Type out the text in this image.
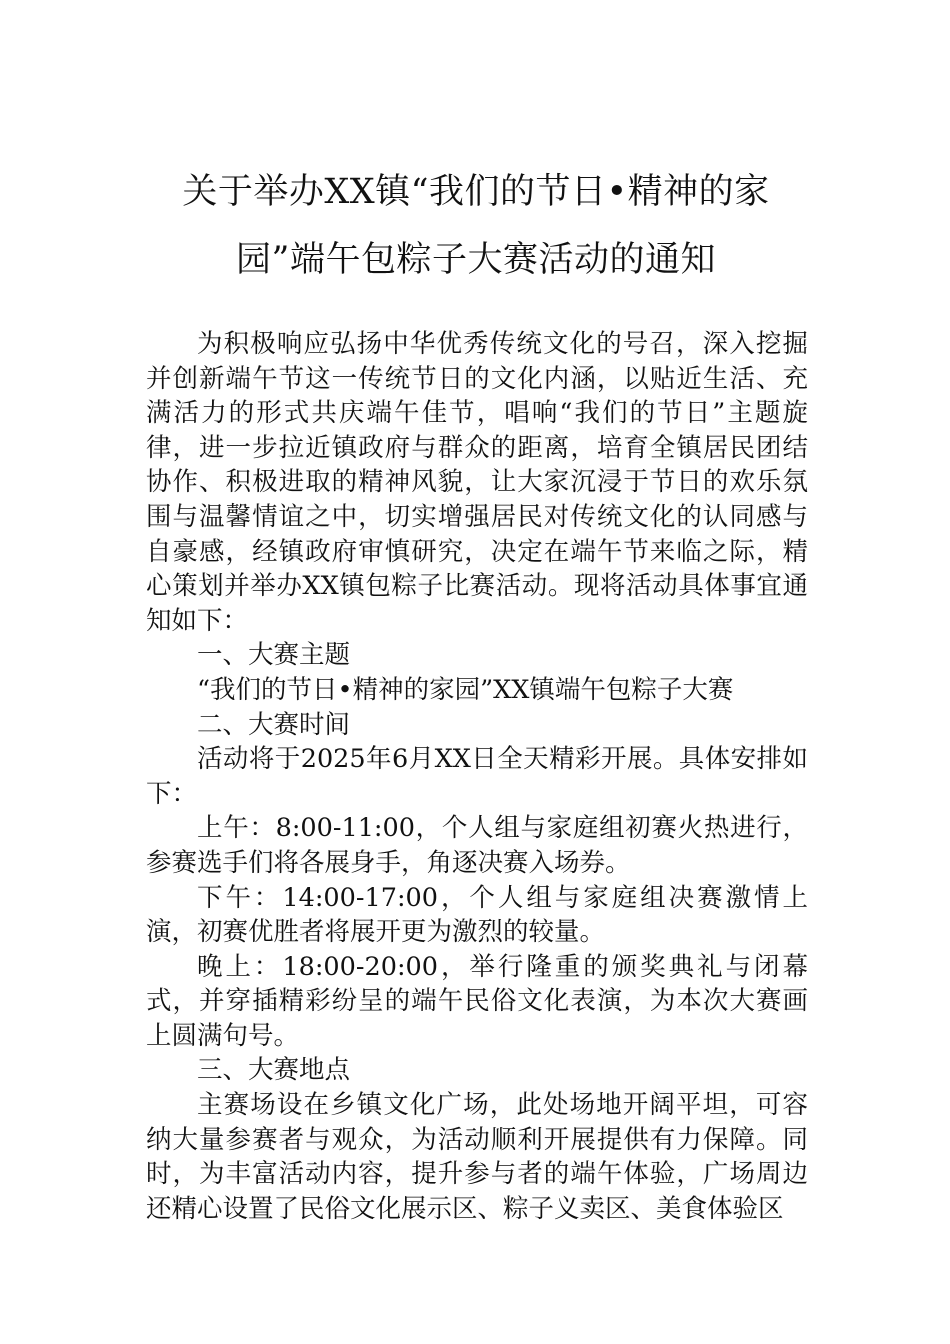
关于举办XX镇“我们的节日•精神的家园”端午包粽子大赛活动的通知

为积极响应弘扬中华优秀传统文化的号召，深入挖掘并创新端午节这一传统节日的文化内涵，以贴近生活、充满活力的形式共庆端午佳节，唱响“我们的节日”主题旋律，进一步拉近镇政府与群众的距离，培育全镇居民团结协作、积极进取的精神风貌，让大家沉浸于节日的欢乐氛围与温馨情谊之中，切实增强居民对传统文化的认同感与自豪感，经镇政府审慎研究，决定在端午节来临之际，精心策划并举办XX镇包粽子比赛活动。现将活动具体事宜通知如下：

一、大赛主题

“我们的节日•精神的家园”XX镇端午包粽子大赛

二、大赛时间

活动将于2025年6月XX日全天精彩开展。具体安排如下：

上午：8:00-11:00，个人组与家庭组初赛火热进行，参赛选手们将各展身手，角逐决赛入场券。

下午：14:00-17:00，个人组与家庭组决赛激情上演，初赛优胜者将展开更为激烈的较量。

晚上：18:00-20:00，举行隆重的颁奖典礼与闭幕式，并穿插精彩纷呈的端午民俗文化表演，为本次大赛画上圆满句号。

三、大赛地点

主赛场设在乡镇文化广场，此处场地开阔平坦，可容纳大量参赛者与观众，为活动顺利开展提供有力保障。同时，为丰富活动内容，提升参与者的端午体验，广场周边还精心设置了民俗文化展示区、粽子义卖区、美食体验区
